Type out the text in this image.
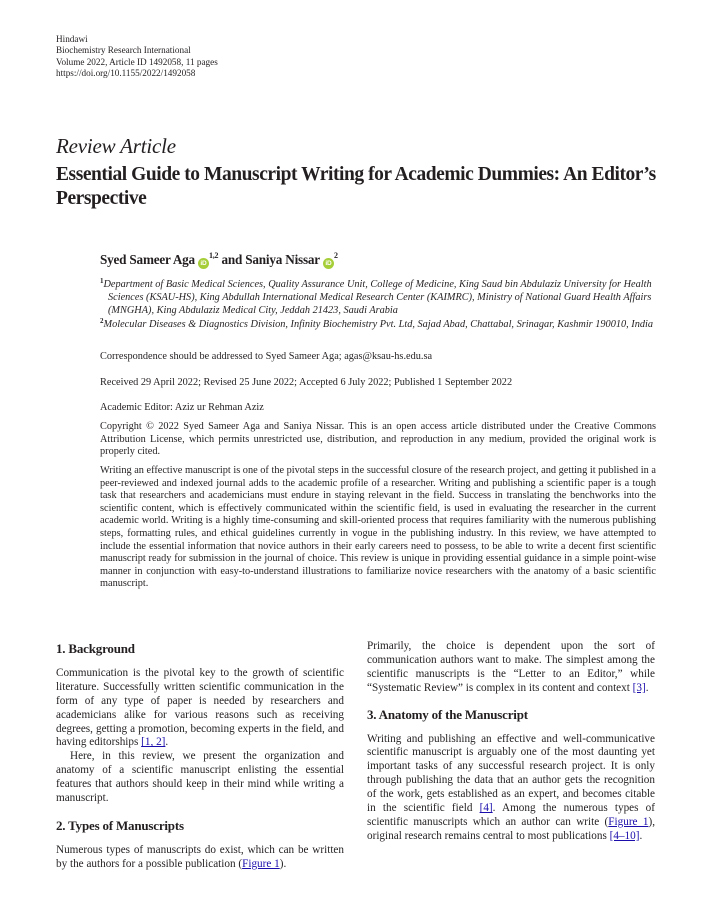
Hindawi
Biochemistry Research International
Volume 2022, Article ID 1492058, 11 pages
https://doi.org/10.1155/2022/1492058
Review Article
Essential Guide to Manuscript Writing for Academic Dummies: An Editor’s Perspective
Syed Sameer Aga iD$^{1,2}$ and Saniya Nissar $iD^2$

$^1$Department of Basic Medical Sciences, Quality Assurance Unit, College of Medicine, King Saud bin Abdulaziz University for Health Sciences (KSAU-HS), King Abdullah International Medical Research Center (KAIMRC), Ministry of National Guard Health Affairs (MNGHA), King Abdulaziz Medical City, Jeddah 21423, Saudi Arabia

$^2$Molecular Diseases & Diagnostics Division, Infinity Biochemistry Pvt. Ltd, Sajad Abad, Chattabal, Srinagar, Kashmir 190010, India

Correspondence should be addressed to Syed Sameer Aga; agas@ksau-hs.edu.sa
Received 29 April 2022; Revised 25 June 2022; Accepted 6 July 2022; Published 1 September 2022
Academic Editor: Aziz ur Rehman Aziz
Copyright © 2022 Syed Sameer Aga and Saniya Nissar. This is an open access article distributed under the Creative Commons Attribution License, which permits unrestricted use, distribution, and reproduction in any medium, provided the original work is properly cited.
Writing an effective manuscript is one of the pivotal steps in the successful closure of the research project, and getting it published in a peer-reviewed and indexed journal adds to the academic profile of a researcher. Writing and publishing a scientific paper is a tough task that researchers and academicians must endure in staying relevant in the field. Success in translating the benchworks into the scientific content, which is effectively communicated within the scientific field, is used in evaluating the researcher in the current academic world. Writing is a highly time-consuming and skill-oriented process that requires familiarity with the numerous publishing steps, formatting rules, and ethical guidelines currently in vogue in the publishing industry. In this review, we have attempted to include the essential information that novice authors in their early careers need to possess, to be able to write a decent first scientific manuscript ready for submission in the journal of choice. This review is unique in providing essential guidance in a simple point-wise manner in conjunction with easy-to-understand illustrations to familiarize novice researchers with the anatomy of a basic scientific manuscript.
1. Background

Communication is the pivotal key to the growth of scientific literature. Successfully written scientific communication in the form of any type of paper is needed by researchers and academicians alike for various reasons such as receiving degrees, getting a promotion, becoming experts in the field, and having editorships [1, 2].

Here, in this review, we present the organization and anatomy of a scientific manuscript enlisting the essential features that authors should keep in their mind while writing a manuscript.

2. Types of Manuscripts

Numerous types of manuscripts do exist, which can be written by the authors for a possible publication (Figure 1).

Primarily, the choice is dependent upon the sort of communication authors want to make. The simplest among the scientific manuscripts is the “Letter to an Editor,” while “Systematic Review” is complex in its content and context [3].

3. Anatomy of the Manuscript

Writing and publishing an effective and well-communicative scientific manuscript is arguably one of the most daunting yet important tasks of any successful research project. It is only through publishing the data that an author gets the recognition of the work, gets established as an expert, and becomes citable in the scientific field [4]. Among the numerous types of scientific manuscripts which an author can write (Figure 1), original research remains central to most publications [4–10].
